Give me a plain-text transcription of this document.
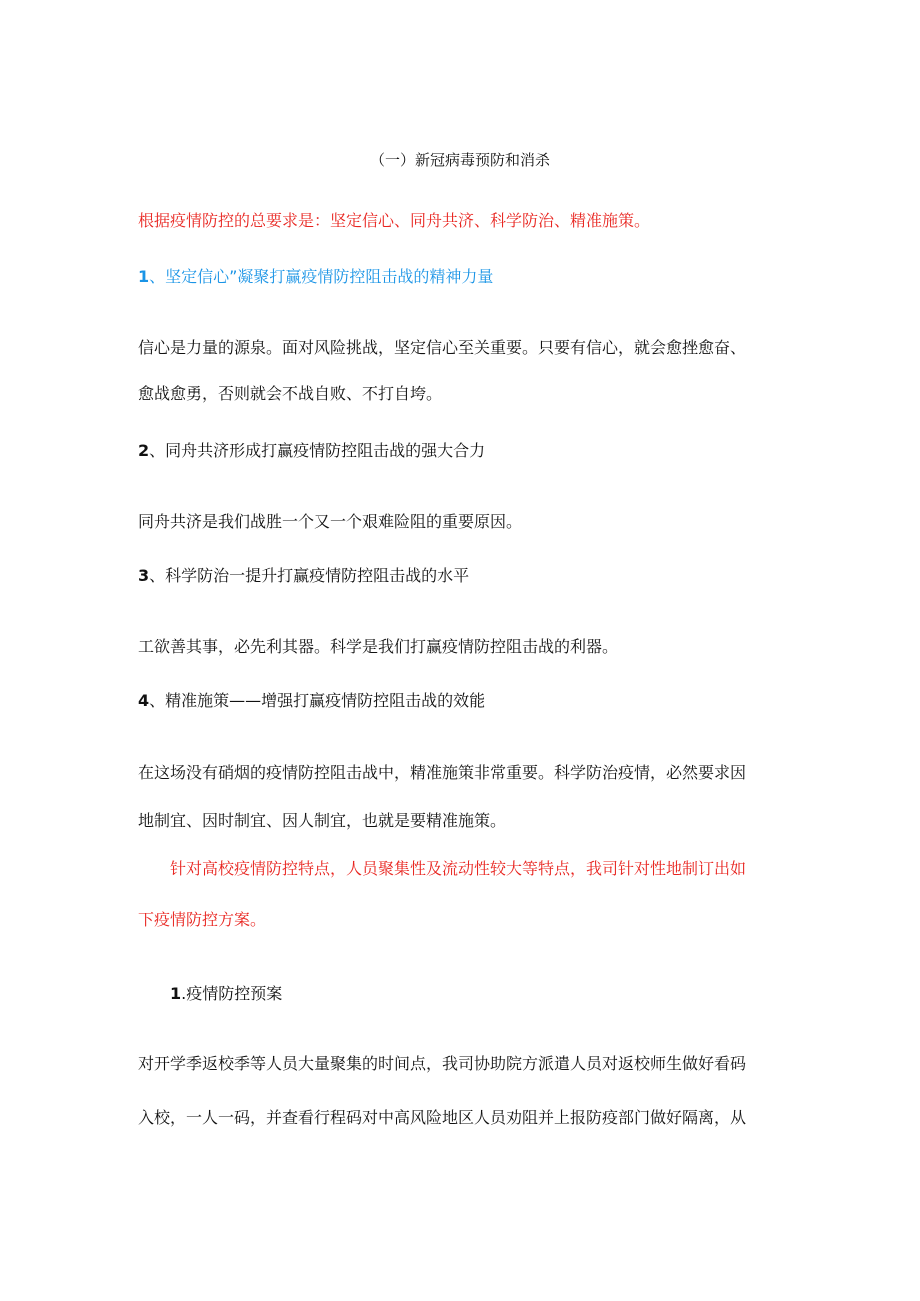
（一）新冠病毒预防和消杀
根据疫情防控的总要求是：坚定信心、同舟共济、科学防治、精准施策。
1、坚定信心”凝聚打赢疫情防控阻击战的精神力量
信心是力量的源泉。面对风险挑战，坚定信心至关重要。只要有信心，就会愈挫愈奋、
愈战愈勇，否则就会不战自败、不打自垮。
2、同舟共济形成打赢疫情防控阻击战的强大合力
同舟共济是我们战胜一个又一个艰难险阻的重要原因。
3、科学防治一提升打赢疫情防控阻击战的水平
工欲善其事，必先利其器。科学是我们打赢疫情防控阻击战的利器。
4、精准施策——增强打赢疫情防控阻击战的效能
在这场没有硝烟的疫情防控阻击战中，精准施策非常重要。科学防治疫情，必然要求因
地制宜、因时制宜、因人制宜，也就是要精准施策。
针对高校疫情防控特点，人员聚集性及流动性较大等特点，我司针对性地制订出如
下疫情防控方案。
1.疫情防控预案
对开学季返校季等人员大量聚集的时间点，我司协助院方派遣人员对返校师生做好看码
入校，一人一码，并查看行程码对中高风险地区人员劝阻并上报防疫部门做好隔离，从
